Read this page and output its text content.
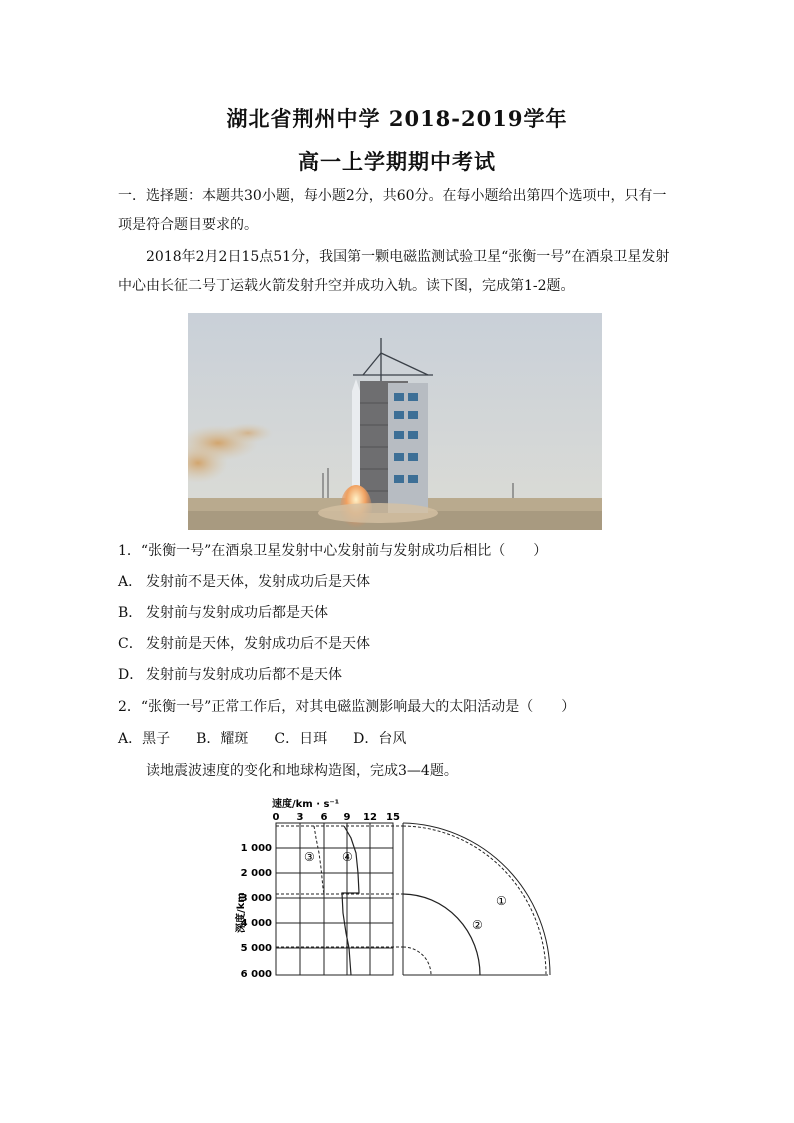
湖北省荆州中学 2018-2019学年
高一上学期期中考试
一．选择题：本题共30小题，每小题2分，共60分。在每小题给出第四个选项中，只有一项是符合题目要求的。
2018年2月2日15点51分，我国第一颗电磁监测试验卫星“张衡一号”在酒泉卫星发射中心由长征二号丁运载火箭发射升空并成功入轨。读下图，完成第1-2题。
1．“张衡一号”在酒泉卫星发射中心发射前与发射成功后相比（　　）
A． 发射前不是天体，发射成功后是天体
B． 发射前与发射成功后都是天体
C． 发射前是天体，发射成功后不是天体
D． 发射前与发射成功后都不是天体
2．“张衡一号”正常工作后，对其电磁监测影响最大的太阳活动是（　　）
A．黑子 B．耀斑 C．日珥 D．台风
读地震波速度的变化和地球构造图，完成3—4题。
速度/km · s⁻¹
0 3 6 9 12 15
深度/km
1 000
2 000
3 000
4 000
5 000
6 000
③ ④
①
②
